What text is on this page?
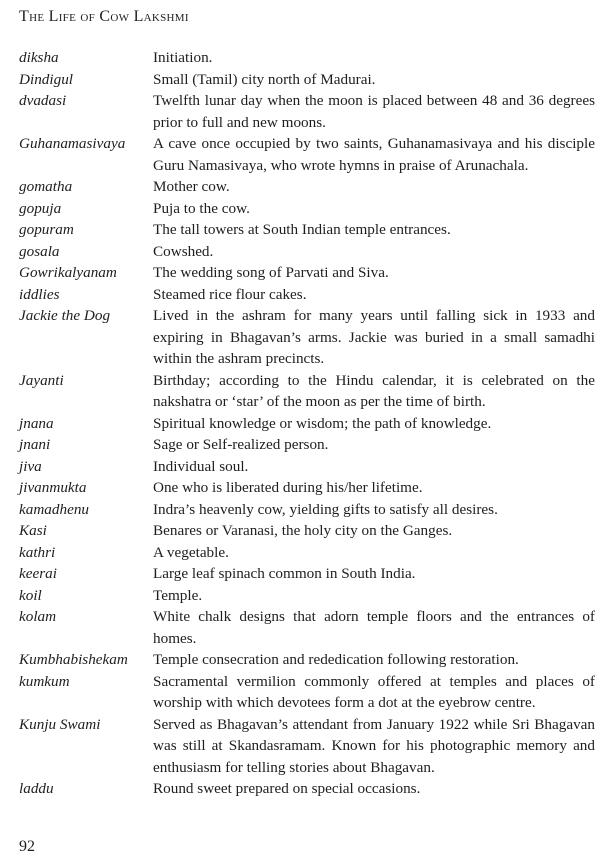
The Life of Cow Lakshmi
diksha	Initiation.
Dindigul	Small (Tamil) city north of Madurai.
dvadasi	Twelfth lunar day when the moon is placed between 48 and 36 degrees prior to full and new moons.
Guhanamasivaya	A cave once occupied by two saints, Guhanamasivaya and his disciple Guru Namasivaya, who wrote hymns in praise of Arunachala.
gomatha	Mother cow.
gopuja	Puja to the cow.
gopuram	The tall towers at South Indian temple entrances.
gosala	Cowshed.
Gowrikalyanam	The wedding song of Parvati and Siva.
iddlies	Steamed rice flour cakes.
Jackie the Dog	Lived in the ashram for many years until falling sick in 1933 and expiring in Bhagavan’s arms. Jackie was buried in a small samadhi within the ashram precincts.
Jayanti	Birthday; according to the Hindu calendar, it is celebrated on the nakshatra or ‘star’ of the moon as per the time of birth.
jnana	Spiritual knowledge or wisdom; the path of knowledge.
jnani	Sage or Self-realized person.
jiva	Individual soul.
jivanmukta	One who is liberated during his/her lifetime.
kamadhenu	Indra’s heavenly cow, yielding gifts to satisfy all desires.
Kasi	Benares or Varanasi, the holy city on the Ganges.
kathri	A vegetable.
keerai	Large leaf spinach common in South India.
koil	Temple.
kolam	White chalk designs that adorn temple floors and the entrances of homes.
Kumbhabishekam	Temple consecration and rededication following restoration.
kumkum	Sacramental vermilion commonly offered at temples and places of worship with which devotees form a dot at the eyebrow centre.
Kunju Swami	Served as Bhagavan’s attendant from January 1922 while Sri Bhagavan was still at Skandasramam. Known for his photographic memory and enthusiasm for telling stories about Bhagavan.
laddu	Round sweet prepared on special occasions.
92
